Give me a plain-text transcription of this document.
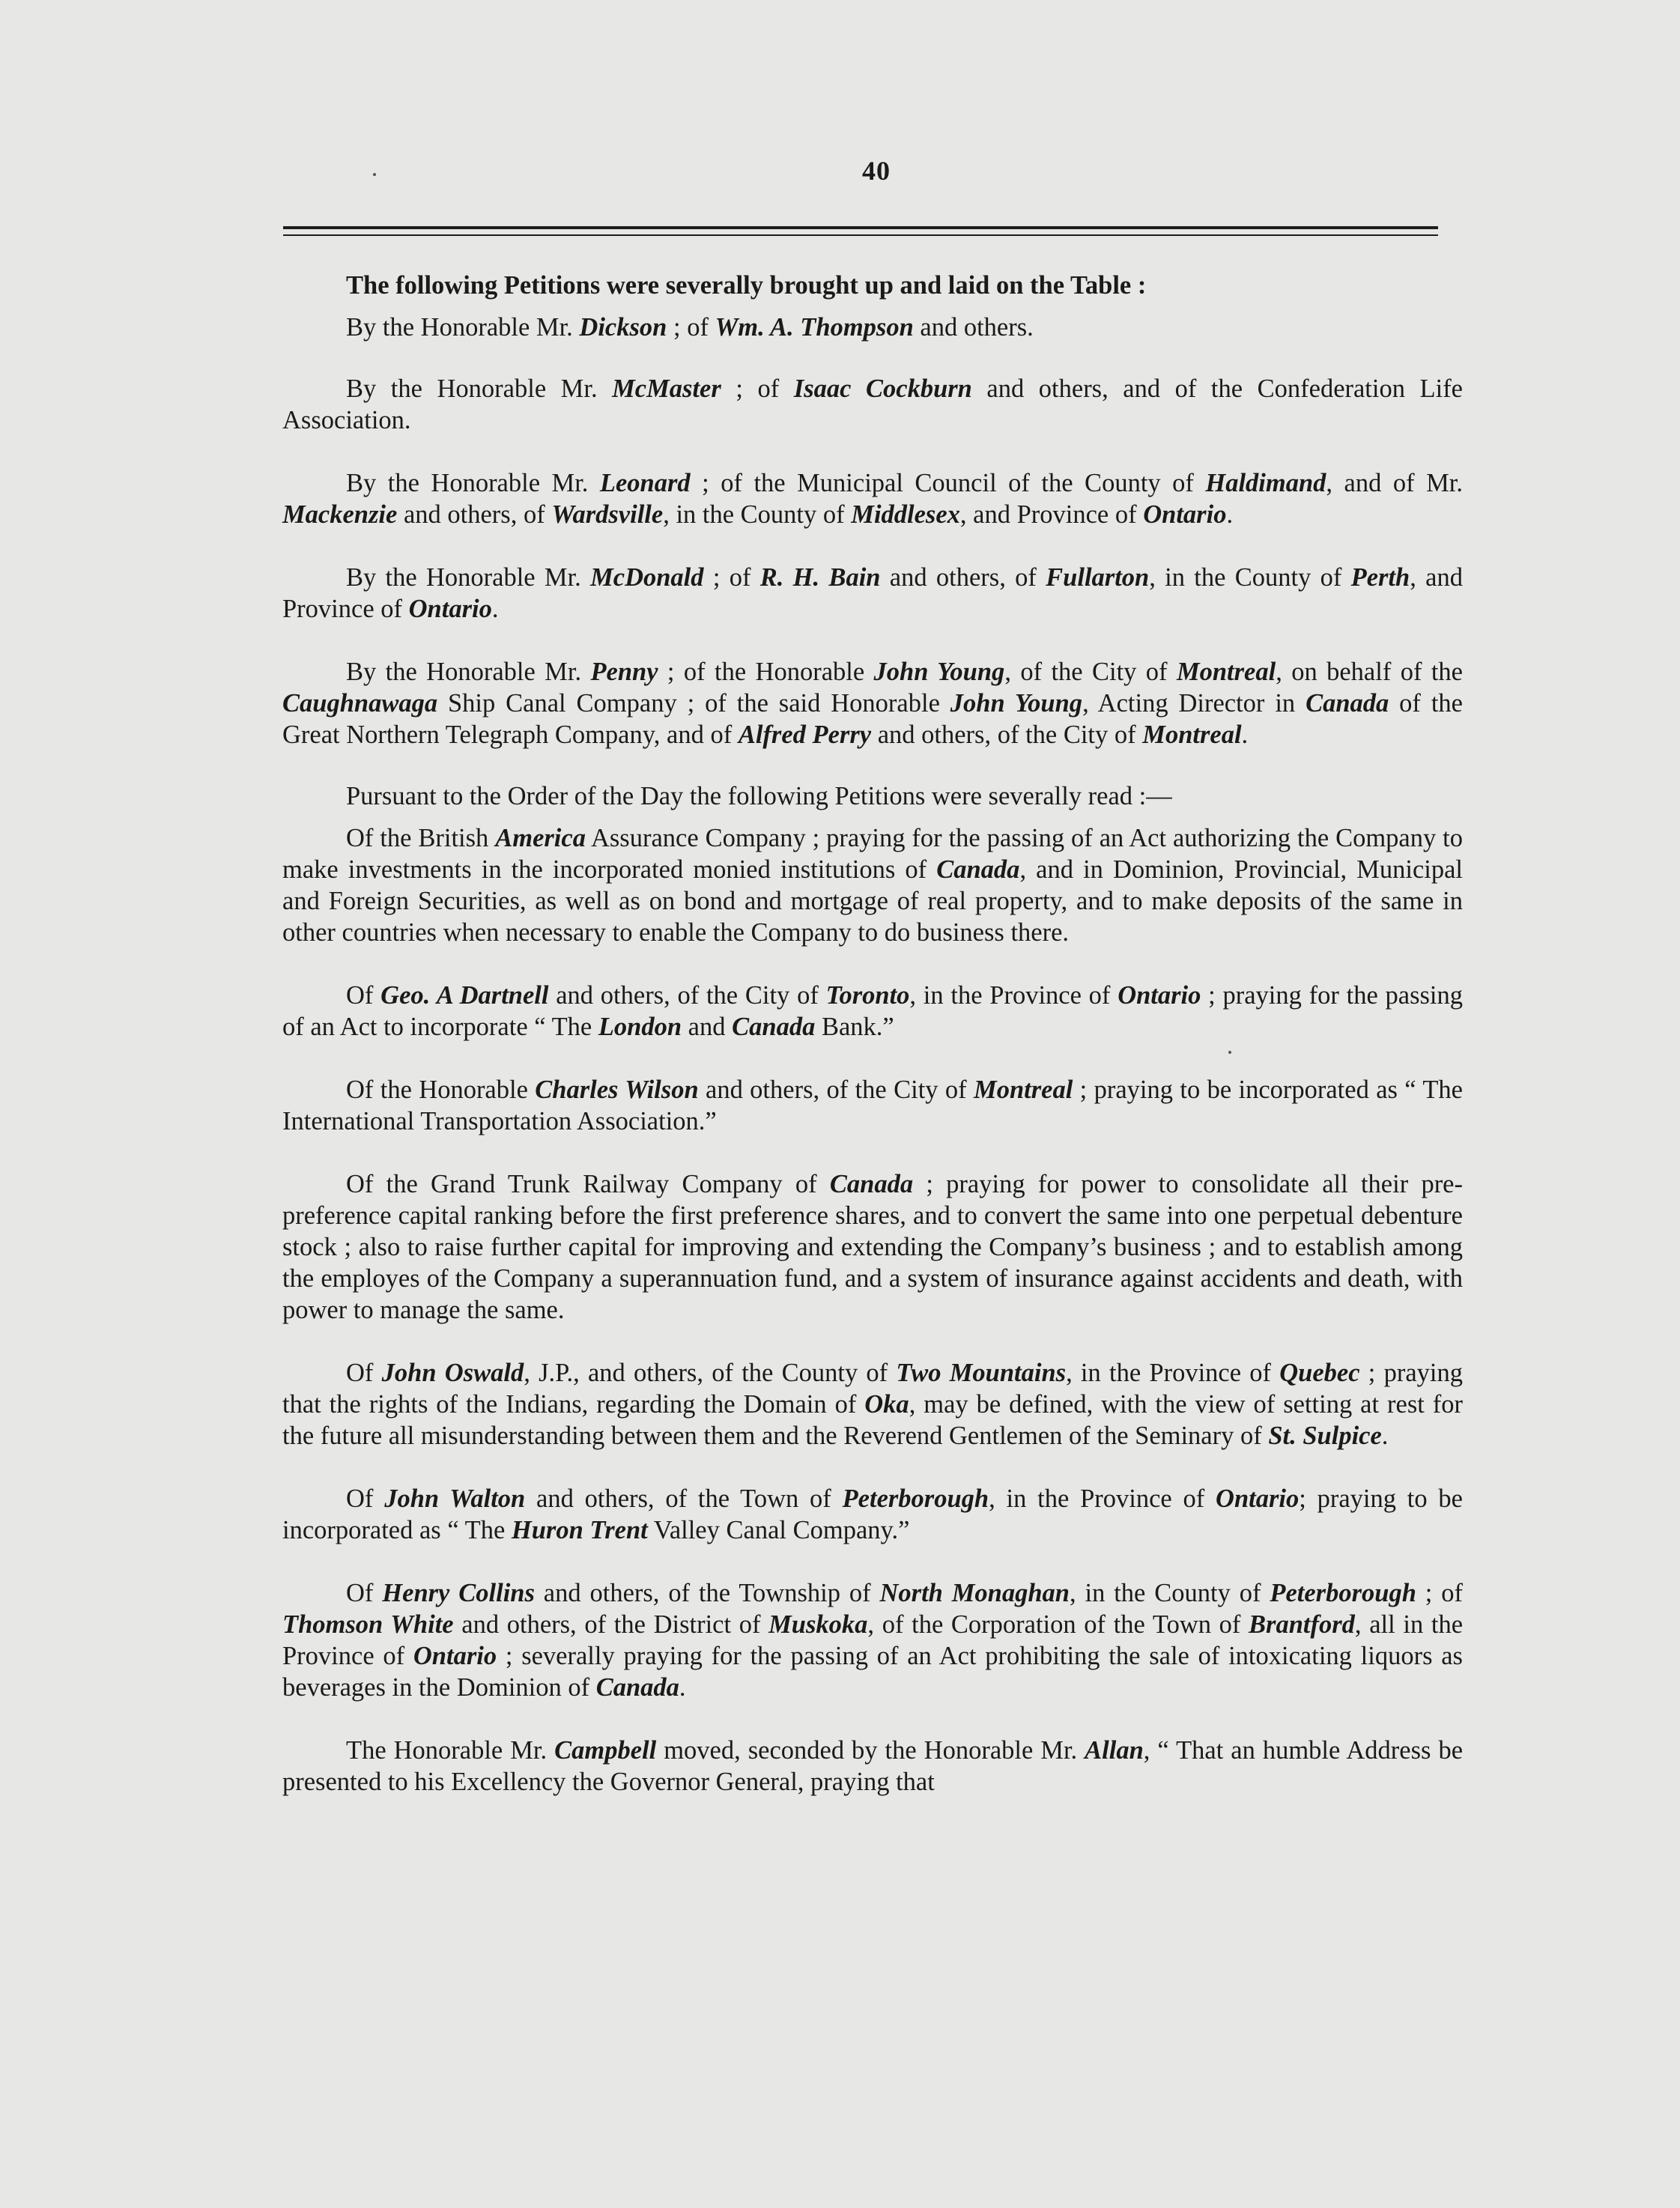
40

The following Petitions were severally brought up and laid on the Table :

By the Honorable Mr. Dickson ; of Wm. A. Thompson and others.

By the Honorable Mr. McMaster ; of Isaac Cockburn and others, and of the Confederation Life Association.

By the Honorable Mr. Leonard ; of the Municipal Council of the County of Haldimand, and of Mr. Mackenzie and others, of Wardsville, in the County of Middlesex, and Province of Ontario.

By the Honorable Mr. McDonald ; of R. H. Bain and others, of Fullarton, in the County of Perth, and Province of Ontario.

By the Honorable Mr. Penny ; of the Honorable John Young, of the City of Montreal, on behalf of the Caughnawaga Ship Canal Company ; of the said Honorable John Young, Acting Director in Canada of the Great Northern Telegraph Company, and of Alfred Perry and others, of the City of Montreal.

Pursuant to the Order of the Day the following Petitions were severally read :—

Of the British America Assurance Company ; praying for the passing of an Act authorizing the Company to make investments in the incorporated monied institutions of Canada, and in Dominion, Provincial, Municipal and Foreign Securities, as well as on bond and mortgage of real property, and to make deposits of the same in other countries when necessary to enable the Company to do business there.

Of Geo. A Dartnell and others, of the City of Toronto, in the Province of Ontario ; praying for the passing of an Act to incorporate “ The London and Canada Bank.”

Of the Honorable Charles Wilson and others, of the City of Montreal ; praying to be incorporated as “ The International Transportation Association.”

Of the Grand Trunk Railway Company of Canada ; praying for power to consolidate all their pre-preference capital ranking before the first preference shares, and to convert the same into one perpetual debenture stock ; also to raise further capital for improving and extending the Company’s business ; and to establish among the employes of the Company a superannuation fund, and a system of insurance against accidents and death, with power to manage the same.

Of John Oswald, J.P., and others, of the County of Two Mountains, in the Province of Quebec ; praying that the rights of the Indians, regarding the Domain of Oka, may be defined, with the view of setting at rest for the future all misunderstanding between them and the Reverend Gentlemen of the Seminary of St. Sulpice.

Of John Walton and others, of the Town of Peterborough, in the Province of Ontario; praying to be incorporated as “ The Huron Trent Valley Canal Company.”

Of Henry Collins and others, of the Township of North Monaghan, in the County of Peterborough ; of Thomson White and others, of the District of Muskoka, of the Corporation of the Town of Brantford, all in the Province of Ontario ; severally praying for the passing of an Act prohibiting the sale of intoxicating liquors as beverages in the Dominion of Canada.

The Honorable Mr. Campbell moved, seconded by the Honorable Mr. Allan, “ That an humble Address be presented to his Excellency the Governor General, praying that
